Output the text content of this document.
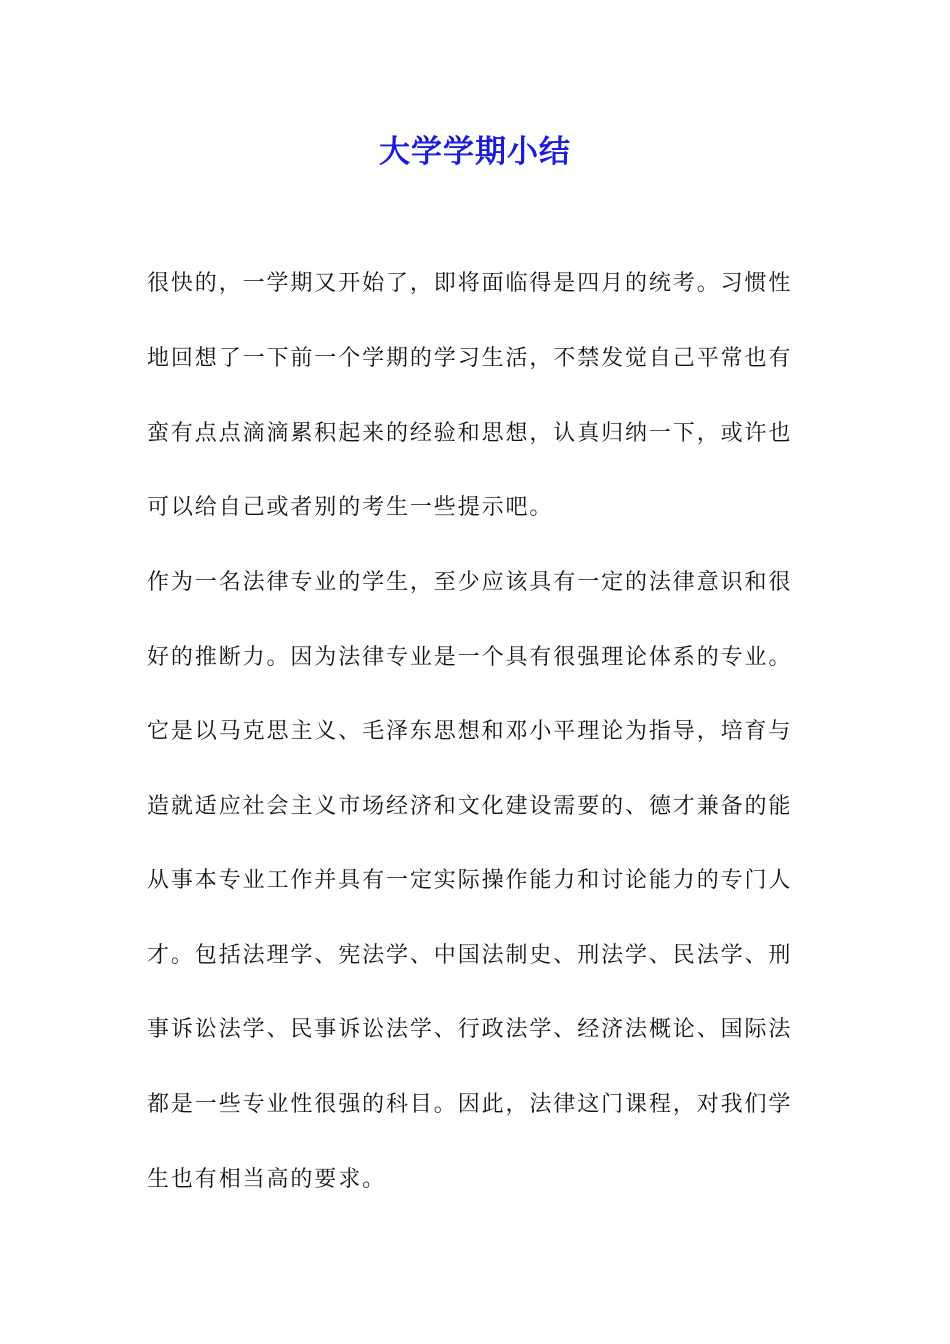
大学学期小结
很快的，一学期又开始了，即将面临得是四月的统考。习惯性
地回想了一下前一个学期的学习生活，不禁发觉自己平常也有
蛮有点点滴滴累积起来的经验和思想，认真归纳一下，或许也
可以给自己或者别的考生一些提示吧。
作为一名法律专业的学生，至少应该具有一定的法律意识和很
好的推断力。因为法律专业是一个具有很强理论体系的专业。
它是以马克思主义、毛泽东思想和邓小平理论为指导，培育与
造就适应社会主义市场经济和文化建设需要的、德才兼备的能
从事本专业工作并具有一定实际操作能力和讨论能力的专门人
才。包括法理学、宪法学、中国法制史、刑法学、民法学、刑
事诉讼法学、民事诉讼法学、行政法学、经济法概论、国际法
都是一些专业性很强的科目。因此，法律这门课程，对我们学
生也有相当高的要求。
